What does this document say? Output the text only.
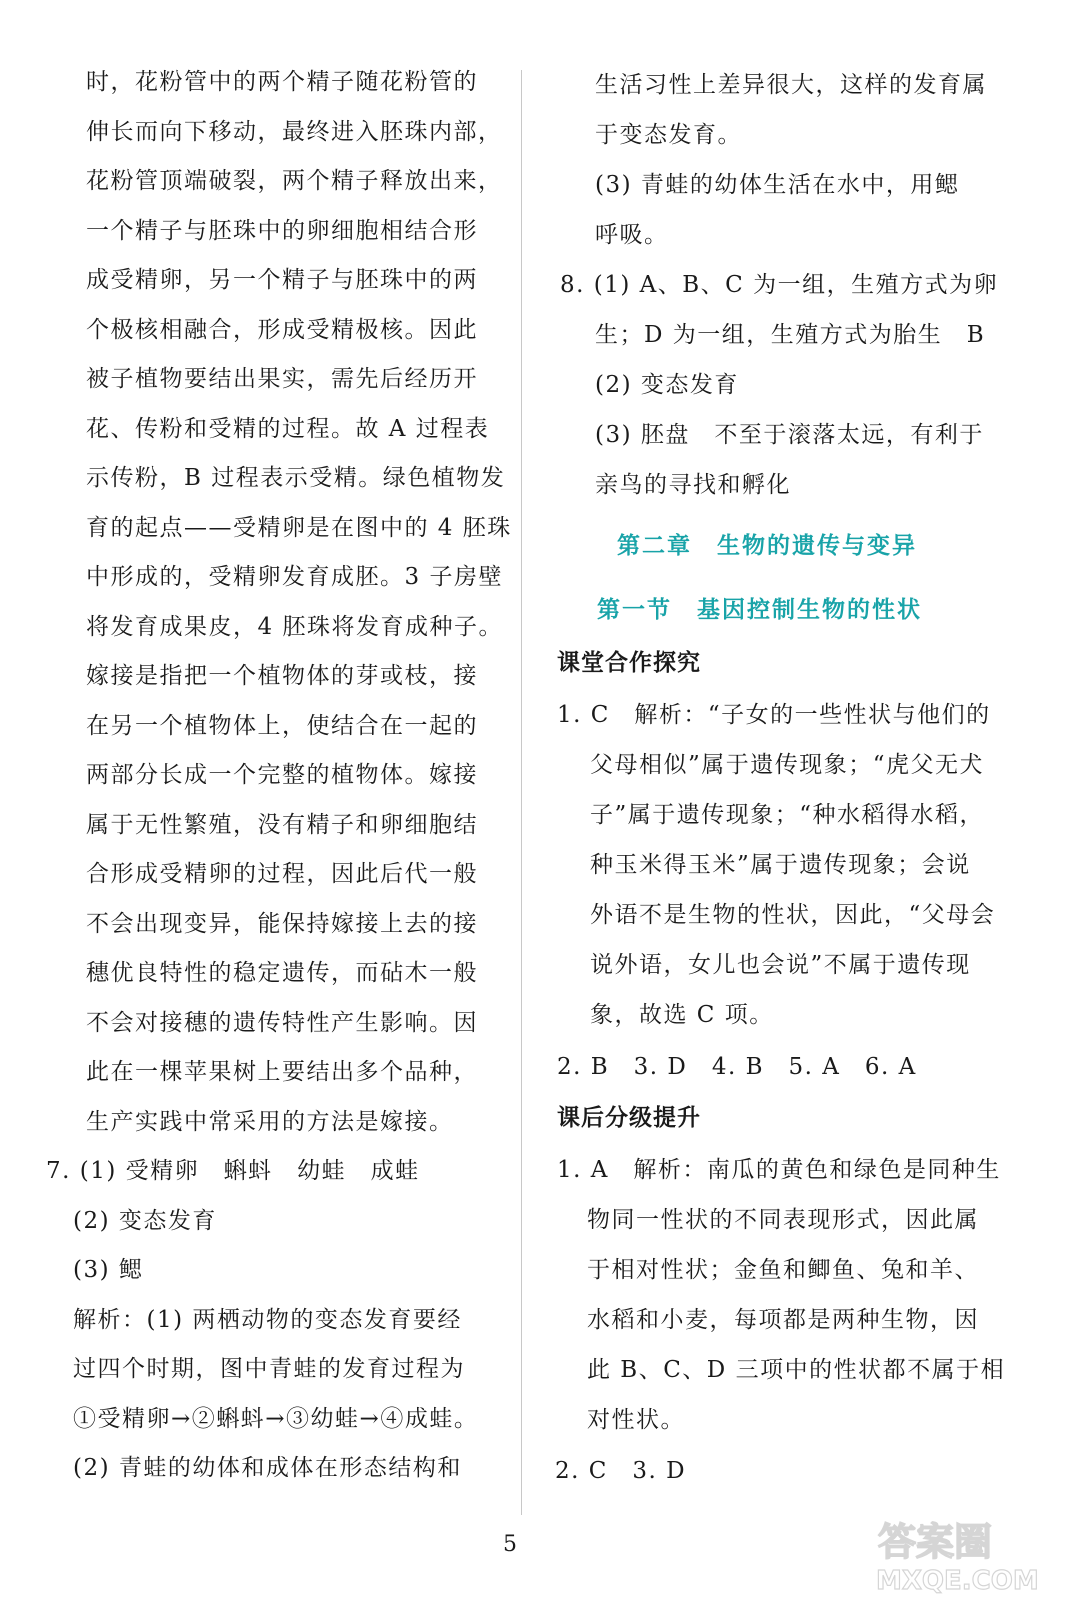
时，花粉管中的两个精子随花粉管的
伸长而向下移动，最终进入胚珠内部，
花粉管顶端破裂，两个精子释放出来，
一个精子与胚珠中的卵细胞相结合形
成受精卵，另一个精子与胚珠中的两
个极核相融合，形成受精极核。因此
被子植物要结出果实，需先后经历开
花、传粉和受精的过程。故 A 过程表
示传粉，B 过程表示受精。绿色植物发
育的起点——受精卵是在图中的 4 胚珠
中形成的，受精卵发育成胚。3 子房壁
将发育成果皮，4 胚珠将发育成种子。
嫁接是指把一个植物体的芽或枝，接
在另一个植物体上，使结合在一起的
两部分长成一个完整的植物体。嫁接
属于无性繁殖，没有精子和卵细胞结
合形成受精卵的过程，因此后代一般
不会出现变异，能保持嫁接上去的接
穗优良特性的稳定遗传，而砧木一般
不会对接穗的遗传特性产生影响。因
此在一棵苹果树上要结出多个品种，
生产实践中常采用的方法是嫁接。
7. (1) 受精卵　蝌蚪　幼蛙　成蛙
(2) 变态发育
(3) 鳃
解析：(1) 两栖动物的变态发育要经
过四个时期，图中青蛙的发育过程为
①受精卵→②蝌蚪→③幼蛙→④成蛙。
(2) 青蛙的幼体和成体在形态结构和
生活习性上差异很大，这样的发育属
于变态发育。
(3) 青蛙的幼体生活在水中，用鳃
呼吸。
8. (1) A、B、C 为一组，生殖方式为卵
生；D 为一组，生殖方式为胎生　B
(2) 变态发育
(3) 胚盘　不至于滚落太远，有利于
亲鸟的寻找和孵化
第二章　生物的遗传与变异
第一节　基因控制生物的性状
课堂合作探究
1. C　解析：“子女的一些性状与他们的
父母相似”属于遗传现象；“虎父无犬
子”属于遗传现象；“种水稻得水稻，
种玉米得玉米”属于遗传现象；会说
外语不是生物的性状，因此，“父母会
说外语，女儿也会说”不属于遗传现
象，故选 C 项。
2. B　3. D　4. B　5. A　6. A
课后分级提升
1. A　解析：南瓜的黄色和绿色是同种生
物同一性状的不同表现形式，因此属
于相对性状；金鱼和鲫鱼、兔和羊、
水稻和小麦，每项都是两种生物，因
此 B、C、D 三项中的性状都不属于相
对性状。
2. C　3. D
5	答案圈
MXQE.COM
